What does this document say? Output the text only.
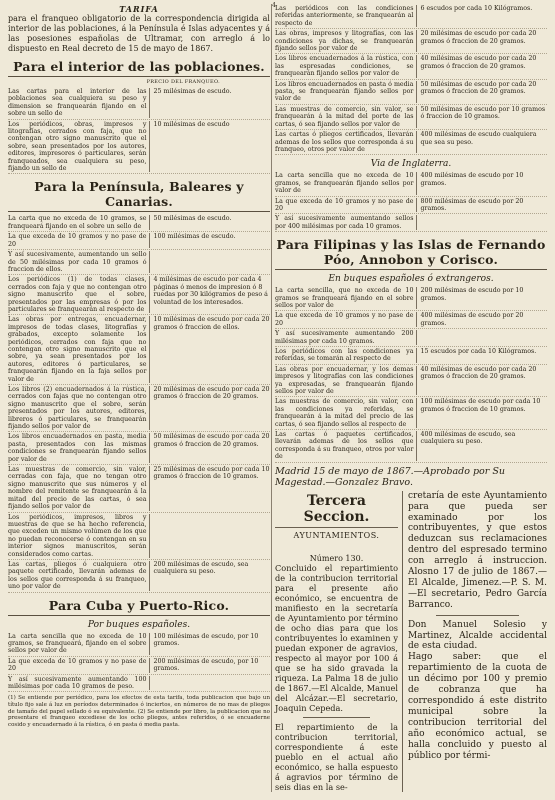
4
TARIFA
para el franqueo obligatorio de la correspondencia dirigida al interior de las poblaciones, á la Península é Islas adyacentes y á las posesiones españolas de Ultramar, con arreglo á lo dispuesto en Real decreto de 15 de mayo de 1867.
Para el interior de las poblaciones.
PRECIO DEL FRANQUEO.
Las cartas para el interior de las poblaciones sea cualquiera su peso y dimension se franquearán fijando en el sobre un sello de
25 milésimas de escudo.
Los periódicos, obras, impresos y litografías, cerrados con faja, que no contengan otro signo manuscrito que el sobre, sean presentados por los autores, editores, impresores ó particulares, serán franqueados, sea cualquiera su peso, fijando un sello de
10 milésimas de escudo
Para la Península, Baleares y Canarias.
La carta que no exceda de 10 gramos, se franqueará fijando en el sobre un sello de
50 milésimas de escudo.
La que exceda de 10 gramos y no pase de 20
100 milésimas de escudo.
Y así sucesivamente, aumentando un sello de 50 milésimas por cada 10 gramos ó fraccion de ellos.
Los periódicos (1) de todas clases, cerrados con faja y que no contengan otro signo manuscrito que el sobre, presentados por las empresas ó por los particulares se franquearán al respecto de
4 milésimas de escudo por cada 4 páginas ó menos de impresion ó 8 ruedas por 30 kilógramos de peso á voluntad de los interesados.
Las obras por entregas, encuadernar, impresos de todas clases, litografías y grabados, excepto solamente los periódicos, cerrados con faja que no contengan otro signo manuscrito que el sobre, ya sean presentados por los autores, editores ó particulares, se franquearán fijando en la faja sellos por valor de
10 milésimas de escudo por cada 20 gramos ó fraccion de ellos.
Los libros (2) encuadernados á la rústica, cerrados con fajas que no contengan otro signo manuscrito que el sobre, serán presentados por los autores, editores, libreros ó particulares, se franquearán fijando sellos por valor de
20 milésimas de escudo por cada 20 gramos ó fraccion de 20 gramos.
Los libros encuadernados en pasta, media pasta, presentados con las mismas condiciones se franquearán fijando sellos por valor de
50 milésimas de escudo por cada 20 gramos ó fraccion de 20 gramos.
Las muestras de comercio, sin valor, cerradas con faja, que no tengan otro signo manuscrito que sus números y el nombre del remitente se franquearán á la mitad del precio de las cartas, ó sea fijando sellos por valor de
25 milésimas de escudo por cada 10 gramos ó fraccion de 10 gramos.
Los periódicos, impresos, libros y muestras de que se ha hecho referencia, que exceden un mismo volúmen de los que no puedan reconocerse ó contengan en su interior signos manuscritos, serán considerados como cartas.
Las cartas, pliegos ó cualquiera otro paquete certificado, llevarán ademas de los sellos que corresponda á su franqueo, uno por valor de
200 milésimas de escudo, sea cualquiera su peso.
Para Cuba y Puerto-Rico.
Por buques españoles.
La carta sencilla que no exceda de 10 gramos, se franqueará, fijando en el sobre sellos por valor de
100 milésimas de escudo, por 10 gramos.
La que exceda de 10 gramos y no pase de 20
200 milésimas de escudo, por 10 gramos.
Y así sucesivamente aumentando 100 milésimas por cada 10 gramos de peso.
(1) Se entiende por periódico, para los efectos de esta tarifa, toda publicacion que bajo un título fijo sale á luz en períodos determinados ó inciertos, en números de no mas de pliegos de tamaño del papel sellado ó su equivalente. (2) Se entiende por libro, la publicacion que no presentare el franqueo excediese de los ocho pliegos, antes referidos, ó se encuaderne cosido y encuadernado á la rústica, ó en pasta ó media pasta.
Las periódicos con las condiciones referidas anteriormente, se franquearán al respecto de
6 escudos por cada 10 Kilógramos.
Las obras, impresos y litografías, con las condiciones ya dichas, se franquearán fijando sellos por valor de
20 milésimas de escudo por cada 20 gramos ó fraccion de 20 gramos.
Los libros encuadernados á la rústica, con las espresadas condiciones, se franquearán fijando sellos por valor de
40 milésimas de escudo por cada 20 gramos ó fraccion de 20 gramos.
Los libros encuadernados en pasta ó media pasta, se franquearán fijando sellos por valor de
50 milésimas de escudo por cada 20 gramos ó fraccion de 20 gramos.
Las muestras de comercio, sin valor, se franquearán á la mitad del porte de las cartas, ó sea fijando sellos por valor de
50 milésimas de escudo por 10 gramos ó fraccion de 10 gramos.
Las cartas ó pliegos certificados, llevarán ademas de los sellos que corresponda á su franqueo, otros por valor de
400 milésimas de escudo cualquiera que sea su peso.
Via de Inglaterra.
La carta sencilla que no exceda de 10 gramos, se franquearán fijando sellos por valor de
400 milésimas de escudo por 10 gramos.
La que exceda de 10 gramos y no pase de 20
800 milésimas de escudo por 20 gramos.
Y así sucesivamente aumentando sellos por 400 milésimas por cada 10 gramos.
Para Filipinas y las Islas de Fernando Póo, Annobon y Corisco.
En buques españoles ó extrangeros.
La carta sencilla, que no exceda de 10 gramos se franqueará fijando en el sobre sellos por valor de
200 milésimas de escudo por 10 gramos.
La que exceda de 10 gramos y no pase de 20
400 milésimas de escudo por 20 gramos.
Y así sucesivamente aumentando 200 milésimas por cada 10 gramos.
Los periódicos con las condiciones ya referidas, se tomarán al respecto de
15 escudos por cada 10 Kilógramos.
Las obras por encuadernar, y los demas impresos y litografías con las condiciones ya expresadas, se franquearán fijando sellos por valor de
40 milésimas de escudo por cada 20 gramos ó fraccion de 20 gramos.
Las muestras de comercio, sin valor, con las condiciones ya referidas, se franquearán á la mitad del precio de las cartas, ó sea fijando sellos al respecto de
100 milésimas de escudo por cada 10 gramos ó fraccion de 10 gramos.
Las cartas ó paquetes certificados, llevarán ademas de los sellos que corresponda á su franqueo, otros por valor de
400 milésimas de escudo, sea cualquiera su peso.
Madrid 15 de mayo de 1867.—Aprobado por Su Magestad.—Gonzalez Bravo.
Tercera Seccion.
AYUNTAMIENTOS.
Número 130.
Concluido el repartimiento de la contribucion territorial para el presente año económico, se encuentra de manifiesto en la secretaría de Ayuntamiento por término de ocho dias para que los contribuyentes lo examinen y puedan exponer de agravios, respecto al mayor por 100 á que se ha sido gravada la riqueza. La Palma 18 de julio de 1867.—El Alcalde, Manuel del Alcázar.—El secretario, Joaquin Cepeda.
El repartimiento de la contribucion territorial, correspondiente á este pueblo en el actual año económico, se halla espuesto á agravios por término de seis dias en la se-
cretaría de este Ayuntamiento para que pueda ser examinado por los contribuyentes, y que estos deduzcan sus reclamaciones dentro del espresado termino con arreglo á instruccion. Alosno 17 de julio de 1867.—El Alcalde, Jimenez.—P. S. M.—El secretario, Pedro García Barranco.
Don Manuel Solesio y Martinez, Alcalde accidental de esta ciudad.
Hago saber: que el repartimiento de la cuota de un décimo por 100 y premio de cobranza que ha correspondido á este distrito municipal sobre la contribucion territorial del año económico actual, se halla concluido y puesto al público por térmi-
